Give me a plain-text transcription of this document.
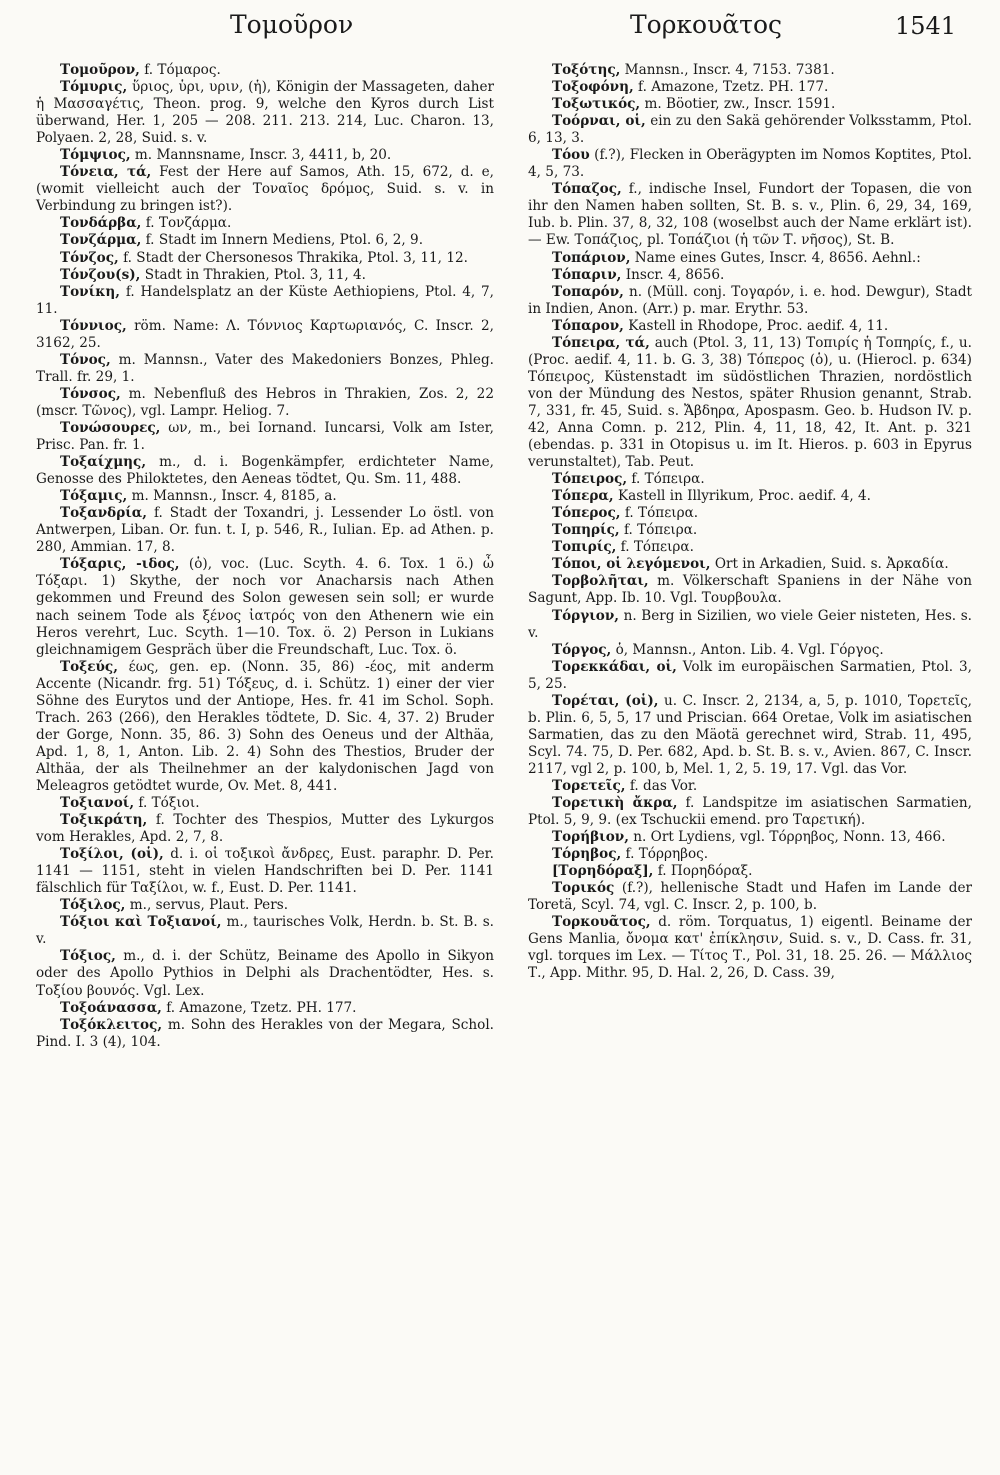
Τομοῦρον	Τορκουᾶτος	1541

Τομοῦρον, f. Τόμαρος.

Τόμυρις, ὕριος, ὑρι, υριν, (ἡ), Königin der Massageten, daher ἡ Μασσαγέτις, Theon. prog. 9, welche den Kyros durch List überwand, Her. 1, 205 — 208. 211. 213. 214, Luc. Charon. 13, Polyaen. 2, 28, Suid. s. v.

Τόμψιος, m. Mannsname, Inscr. 3, 4411, b, 20.

Τόνεια, τά, Fest der Here auf Samos, Ath. 15, 672, d. e, (womit vielleicht auch der Τοναῖος δρόμος, Suid. s. v. in Verbindung zu bringen ist?).

Τονδάρβα, f. Τονζάρμα.

Τονζάρμα, f. Stadt im Innern Mediens, Ptol. 6, 2, 9.

Τόνζος, f. Stadt der Chersonesos Thrakika, Ptol. 3, 11, 12.

Τόνζου(s), Stadt in Thrakien, Ptol. 3, 11, 4.

Τονίκη, f. Handelsplatz an der Küste Aethiopiens, Ptol. 4, 7, 11.

Τόννιος, röm. Name: Λ. Τόννιος Καρτωριανός, C. Inscr. 2, 3162, 25.

Τόνος, m. Mannsn., Vater des Makedoniers Bonzes, Phleg. Trall. fr. 29, 1.

Τόνσος, m. Nebenfluß des Hebros in Thrakien, Zos. 2, 22 (mscr. Τῶνος), vgl. Lampr. Heliog. 7.

Τονώσουρες, ων, m., bei Iornand. Iuncarsi, Volk am Ister, Prisc. Pan. fr. 1.

Τοξαίχμης, m., d. i. Bogenkämpfer, erdichteter Name, Genosse des Philoktetes, den Aeneas tödtet, Qu. Sm. 11, 488.

Τόξαμις, m. Mannsn., Inscr. 4, 8185, a.

Τοξανδρία, f. Stadt der Toxandri, j. Lessender Lo östl. von Antwerpen, Liban. Or. fun. t. I, p. 546, R., Iulian. Ep. ad Athen. p. 280, Ammian. 17, 8.

Τόξαρις, -ιδος, (ὁ), voc. (Luc. Scyth. 4. 6. Tox. 1 ö.) ὦ Τόξαρι. 1) Skythe, der noch vor Anacharsis nach Athen gekommen und Freund des Solon gewesen sein soll; er wurde nach seinem Tode als ξένος ἰατρός von den Athenern wie ein Heros verehrt, Luc. Scyth. 1—10. Tox. ö. 2) Person in Lukians gleichnamigem Gespräch über die Freundschaft, Luc. Tox. ö.

Τοξεύς, έως, gen. ep. (Nonn. 35, 86) -έος, mit anderm Accente (Nicandr. frg. 51) Τόξευς, d. i. Schütz. 1) einer der vier Söhne des Eurytos und der Antiope, Hes. fr. 41 im Schol. Soph. Trach. 263 (266), den Herakles tödtete, D. Sic. 4, 37. 2) Bruder der Gorge, Nonn. 35, 86. 3) Sohn des Oeneus und der Althäa, Apd. 1, 8, 1, Anton. Lib. 2. 4) Sohn des Thestios, Bruder der Althäa, der als Theilnehmer an der kalydonischen Jagd von Meleagros getödtet wurde, Ov. Met. 8, 441.

Τοξιανοί, f. Τόξιοι.

Τοξικράτη, f. Tochter des Thespios, Mutter des Lykurgos vom Herakles, Apd. 2, 7, 8.

Τοξίλοι, (οἱ), d. i. οἱ τοξικοὶ ἄνδρες, Eust. paraphr. D. Per. 1141 — 1151, steht in vielen Handschriften bei D. Per. 1141 fälschlich für Ταξίλοι, w. f., Eust. D. Per. 1141.

Τόξιλος, m., servus, Plaut. Pers.

Τόξιοι καὶ Τοξιανοί, m., taurisches Volk, Herdn. b. St. B. s. v.

Τόξιος, m., d. i. der Schütz, Beiname des Apollo in Sikyon oder des Apollo Pythios in Delphi als Drachentödter, Hes. s. Τοξίου βουνός. Vgl. Lex.

Τοξοάνασσα, f. Amazone, Tzetz. PH. 177.

Τοξόκλειτος, m. Sohn des Herakles von der Megara, Schol. Pind. I. 3 (4), 104.

Τοξότης, Mannsn., Inscr. 4, 7153. 7381.

Τοξοφόνη, f. Amazone, Tzetz. PH. 177.

Τοξωτικός, m. Böotier, zw., Inscr. 1591.

Τοόρναι, οἱ, ein zu den Sakä gehörender Volksstamm, Ptol. 6, 13, 3.

Τόου (f.?), Flecken in Oberägypten im Nomos Koptites, Ptol. 4, 5, 73.

Τόπαζος, f., indische Insel, Fundort der Topasen, die von ihr den Namen haben sollten, St. B. s. v., Plin. 6, 29, 34, 169, Iub. b. Plin. 37, 8, 32, 108 (woselbst auch der Name erklärt ist). — Ew. Τοπάζιος, pl. Τοπάζιοι (ἡ τῶν Τ. νῆσος), St. B.

Τοπάριον, Name eines Gutes, Inscr. 4, 8656. Aehnl.:

Τόπαριν, Inscr. 4, 8656.

Τοπαρόν, n. (Müll. conj. Τογαρόν, i. e. hod. Dewgur), Stadt in Indien, Anon. (Arr.) p. mar. Erythr. 53.

Τόπαρον, Kastell in Rhodope, Proc. aedif. 4, 11.

Τόπειρα, τά, auch (Ptol. 3, 11, 13) Τοπιρίς ἡ Τοπηρίς, f., u. (Proc. aedif. 4, 11. b. G. 3, 38) Τόπερος (ὁ), u. (Hierocl. p. 634) Τόπειρος, Küstenstadt im südöstlichen Thrazien, nordöstlich von der Mündung des Nestos, später Rhusion genannt, Strab. 7, 331, fr. 45, Suid. s. Ἄβδηρα, Apospasm. Geo. b. Hudson IV. p. 42, Anna Comn. p. 212, Plin. 4, 11, 18, 42, It. Ant. p. 321 (ebendas. p. 331 in Otopisus u. im It. Hieros. p. 603 in Epyrus verunstaltet), Tab. Peut.

Τόπειρος, f. Τόπειρα.

Τόπερα, Kastell in Illyrikum, Proc. aedif. 4, 4.

Τόπερος, f. Τόπειρα.

Τοπηρίς, f. Τόπειρα.

Τοπιρίς, f. Τόπειρα.

Τόποι, οἱ λεγόμενοι, Ort in Arkadien, Suid. s. Ἀρκαδία.

Τορβολῆται, m. Völkerschaft Spaniens in der Nähe von Sagunt, App. Ib. 10. Vgl. Τουρβουλα.

Τόργιον, n. Berg in Sizilien, wo viele Geier nisteten, Hes. s. v.

Τόργος, ὁ, Mannsn., Anton. Lib. 4. Vgl. Γόργος.

Τορεκκάδαι, οἱ, Volk im europäischen Sarmatien, Ptol. 3, 5, 25.

Τορέται, (οἱ), u. C. Inscr. 2, 2134, a, 5, p. 1010, Τορετεῖς, b. Plin. 6, 5, 5, 17 und Priscian. 664 Oretae, Volk im asiatischen Sarmatien, das zu den Mäotä gerechnet wird, Strab. 11, 495, Scyl. 74. 75, D. Per. 682, Apd. b. St. B. s. v., Avien. 867, C. Inscr. 2117, vgl 2, p. 100, b, Mel. 1, 2, 5. 19, 17. Vgl. das Vor.

Τορετεῖς, f. das Vor.

Τορετικὴ ἄκρα, f. Landspitze im asiatischen Sarmatien, Ptol. 5, 9, 9. (ex Tschuckii emend. pro Ταρετική).

Τορήβιον, n. Ort Lydiens, vgl. Τόρρηβος, Nonn. 13, 466.

Τόρηβος, f. Τόρρηβος.

[Τορηδόραξ], f. Πορηδόραξ.

Τορικός (f.?), hellenische Stadt und Hafen im Lande der Toretä, Scyl. 74, vgl. C. Inscr. 2, p. 100, b.

Τορκουᾶτος, d. röm. Torquatus, 1) eigentl. Beiname der Gens Manlia, ὄνομα κατ' ἐπίκλησιν, Suid. s. v., D. Cass. fr. 31, vgl. torques im Lex. — Τίτος Τ., Pol. 31, 18. 25. 26. — Μάλλιος Τ., App. Mithr. 95, D. Hal. 2, 26, D. Cass. 39,
